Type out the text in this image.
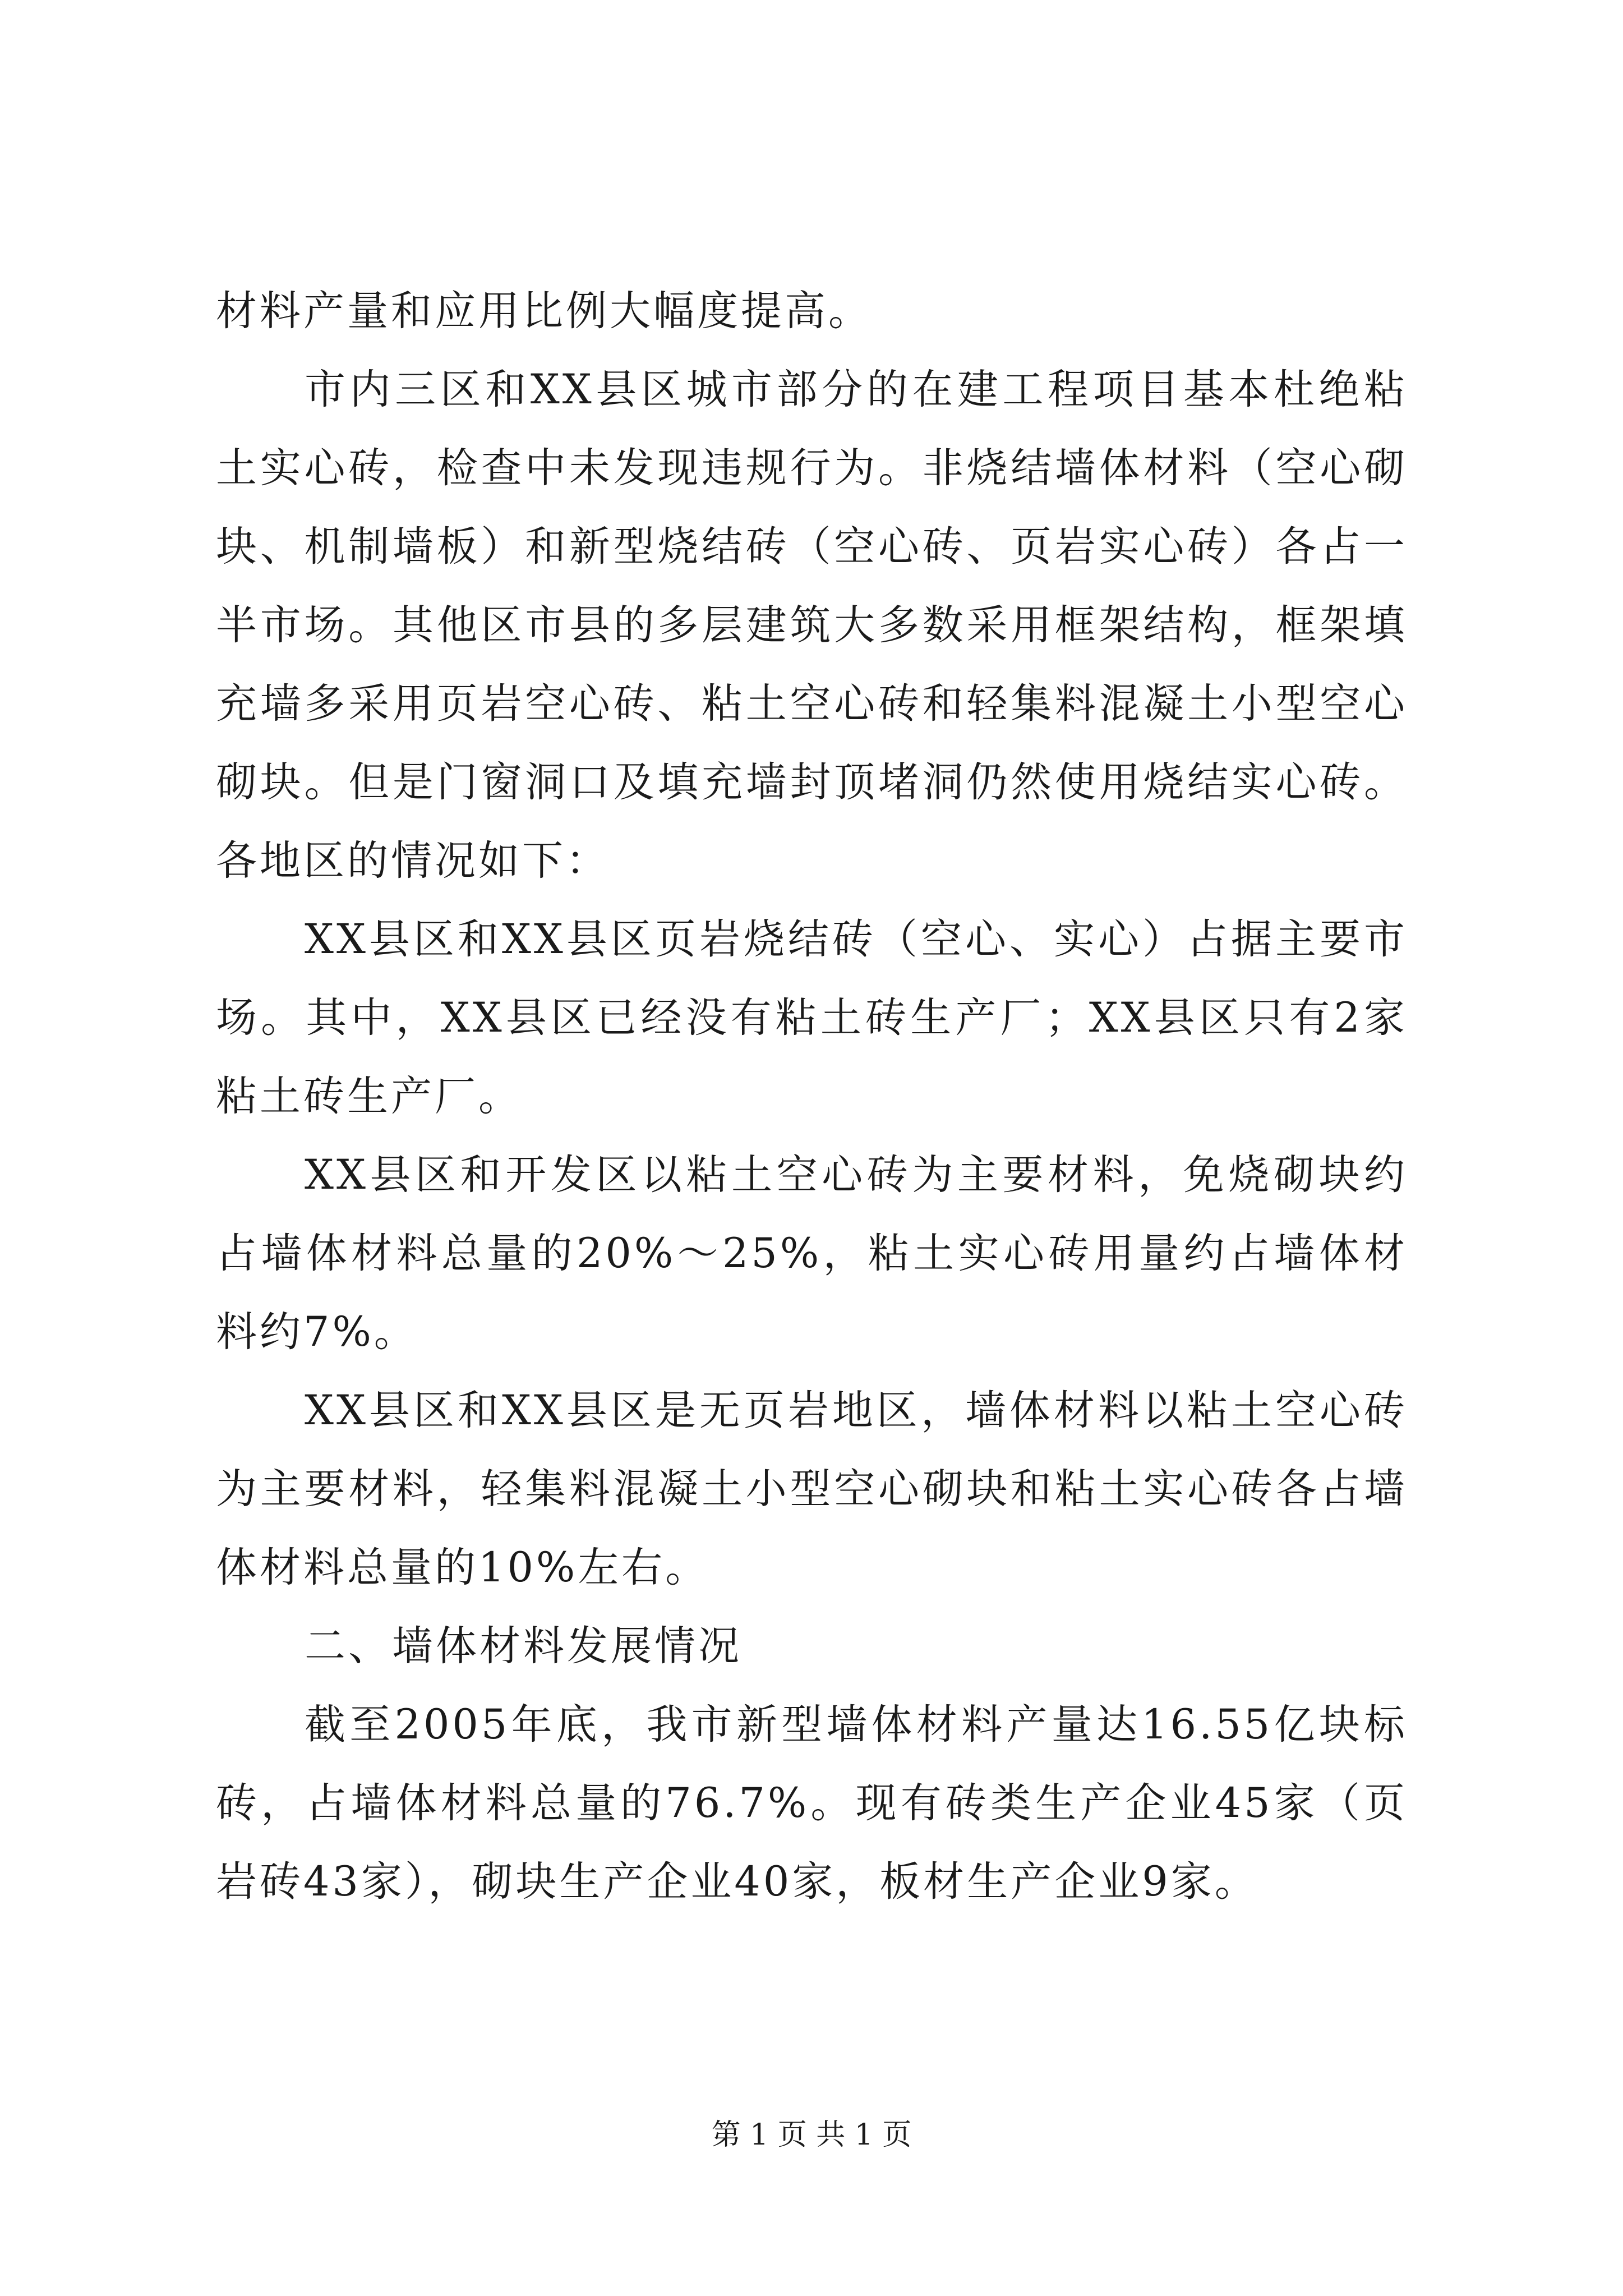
材料产量和应用比例大幅度提高。

市内三区和XX县区城市部分的在建工程项目基本杜绝粘土实心砖，检查中未发现违规行为。非烧结墙体材料（空心砌块、机制墙板）和新型烧结砖（空心砖、页岩实心砖）各占一半市场。其他区市县的多层建筑大多数采用框架结构，框架填充墙多采用页岩空心砖、粘土空心砖和轻集料混凝土小型空心砌块。但是门窗洞口及填充墙封顶堵洞仍然使用烧结实心砖。各地区的情况如下：

XX县区和XX县区页岩烧结砖（空心、实心）占据主要市场。其中，XX县区已经没有粘土砖生产厂；XX县区只有2家粘土砖生产厂。

XX县区和开发区以粘土空心砖为主要材料，免烧砌块约占墙体材料总量的20%～25%，粘土实心砖用量约占墙体材料约7%。

XX县区和XX县区是无页岩地区，墙体材料以粘土空心砖为主要材料，轻集料混凝土小型空心砌块和粘土实心砖各占墙体材料总量的10%左右。

二、墙体材料发展情况

截至2005年底，我市新型墙体材料产量达16.55亿块标砖，占墙体材料总量的76.7%。现有砖类生产企业45家（页岩砖43家），砌块生产企业40家，板材生产企业9家。

第 1 页 共 1 页
